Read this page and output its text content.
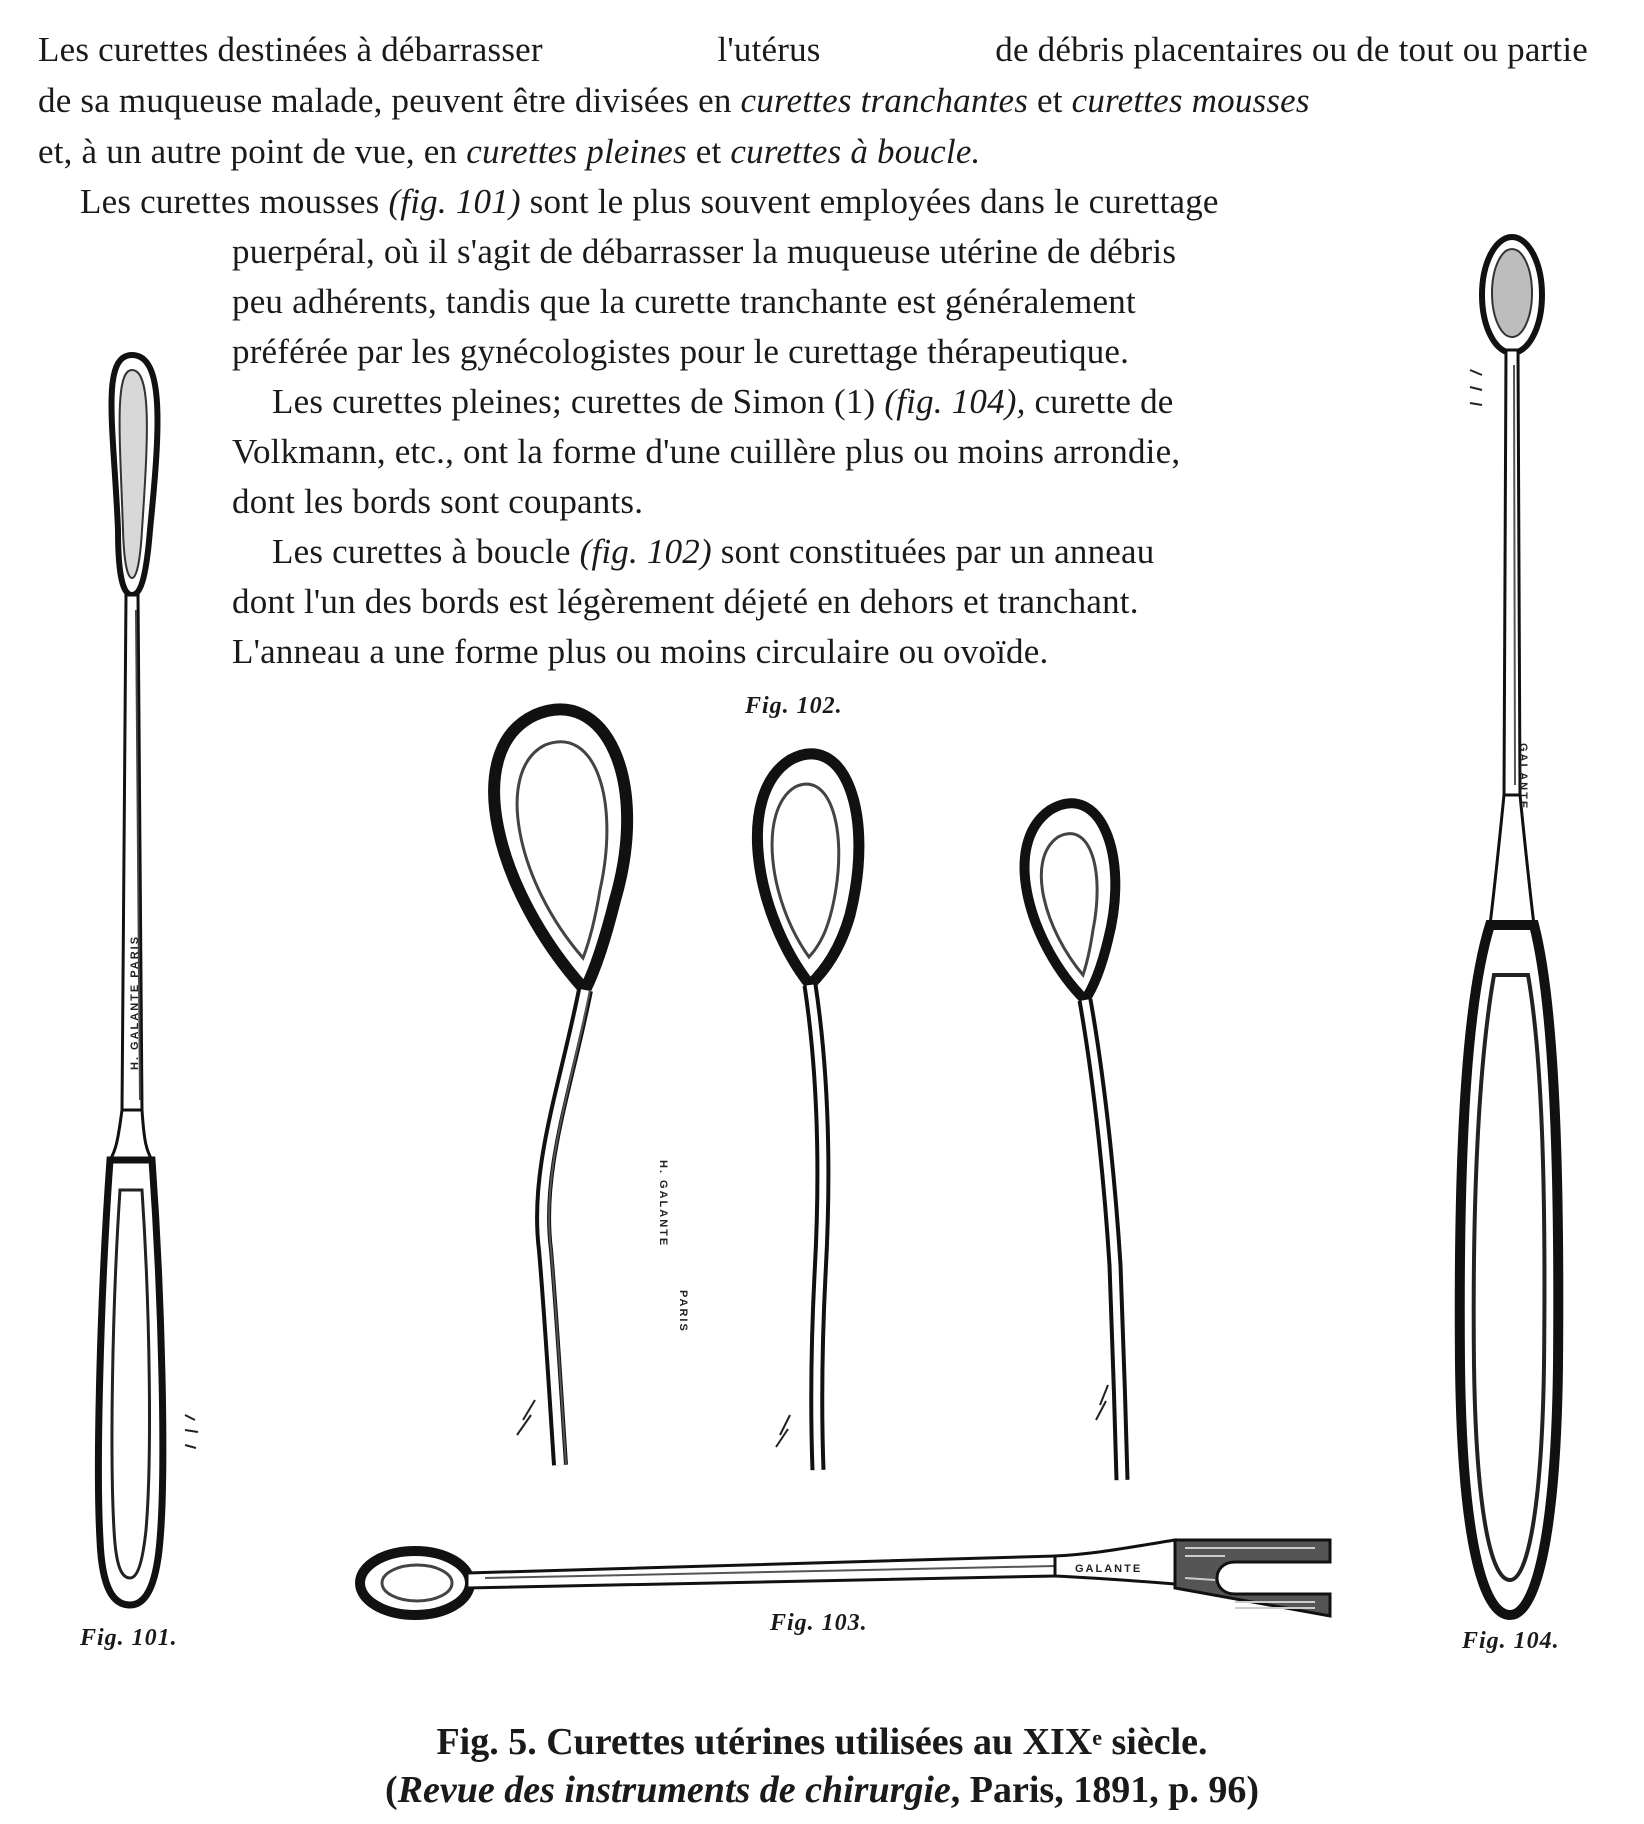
Les curettes destinées à débarrasser	l'utérus	de débris placentaires ou de tout ou partie
de sa muqueuse malade, peuvent être divisées en curettes tranchantes et curettes mousses
et, à un autre point de vue, en curettes pleines et curettes à boucle.
Les curettes mousses (fig. 101) sont le plus souvent employées dans le curettage
puerpéral, où il s'agit de débarrasser la muqueuse utérine de débris
peu adhérents, tandis que la curette tranchante est généralement
préférée par les gynécologistes pour le curettage thérapeutique.
Les curettes pleines; curettes de Simon (1) (fig. 104), curette de
Volkmann, etc., ont la forme d'une cuillère plus ou moins arrondie,
dont les bords sont coupants.
Les curettes à boucle (fig. 102) sont constituées par un anneau
dont l'un des bords est légèrement déjeté en dehors et tranchant.
L'anneau a une forme plus ou moins circulaire ou ovoïde.
H. GALANTE PARIS
Fig. 101.
GALANTE
Fig. 104.
Fig. 102.
H. GALANTE
PARIS
GALANTE
Fig. 103.
Fig. 5. Curettes utérines utilisées au XIXe siècle.
(Revue des instruments de chirurgie, Paris, 1891, p. 96)
